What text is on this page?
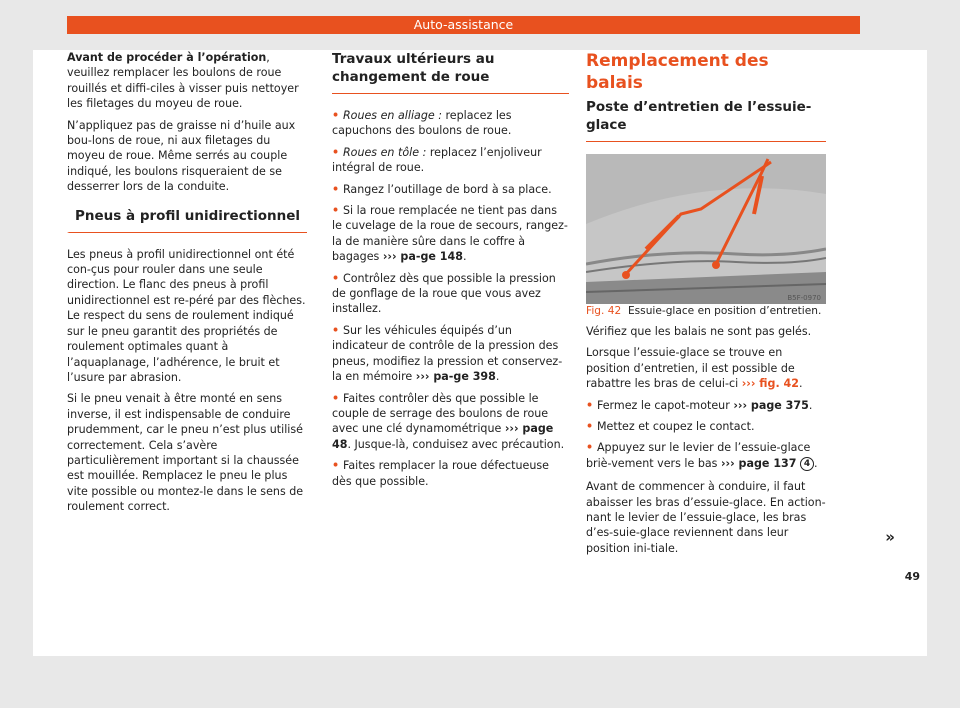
Auto-assistance

Avant de procéder à l’opération, veuillez remplacer les boulons de roue rouillés et diffi-ciles à visser puis nettoyer les filetages du moyeu de roue.

N’appliquez pas de graisse ni d’huile aux bou-lons de roue, ni aux filetages du moyeu de roue. Même serrés au couple indiqué, les boulons risqueraient de se desserrer lors de la conduite.

Pneus à profil unidirectionnel

Les pneus à profil unidirectionnel ont été con-çus pour rouler dans une seule direction. Le flanc des pneus à profil unidirectionnel est re-péré par des flèches. Le respect du sens de roulement indiqué sur le pneu garantit des propriétés de roulement optimales quant à l’aquaplanage, l’adhérence, le bruit et l’usure par abrasion.

Si le pneu venait à être monté en sens inverse, il est indispensable de conduire prudemment, car le pneu n’est plus utilisé correctement. Cela s’avère particulièrement important si la chaussée est mouillée. Remplacez le pneu le plus vite possible ou montez-le dans le sens de roulement correct.

Travaux ultérieurs au changement de roue

• Roues en alliage : replacez les capuchons des boulons de roue.

• Roues en tôle : replacez l’enjoliveur intégral de roue.

• Rangez l’outillage de bord à sa place.

• Si la roue remplacée ne tient pas dans le cuvelage de la roue de secours, rangez-la de manière sûre dans le coffre à bagages ››› pa-ge 148.

• Contrôlez dès que possible la pression de gonflage de la roue que vous avez installez.

• Sur les véhicules équipés d’un indicateur de contrôle de la pression des pneus, modifiez la pression et conservez-la en mémoire ››› pa-ge 398.

• Faites contrôler dès que possible le couple de serrage des boulons de roue avec une clé dynamométrique ››› page 48. Jusque-là, conduisez avec précaution.

• Faites remplacer la roue défectueuse dès que possible.

Remplacement des balais
Poste d’entretien de l’essuie-glace
B5F-0970

Fig. 42 Essuie-glace en position d’entretien.

Vérifiez que les balais ne sont pas gelés.

Lorsque l’essuie-glace se trouve en position d’entretien, il est possible de rabattre les bras de celui-ci ››› fig. 42.

• Fermez le capot-moteur ››› page 375.

• Mettez et coupez le contact.

• Appuyez sur le levier de l’essuie-glace briè-vement vers le bas ››› page 137 4 .

Avant de commencer à conduire, il faut abaisser les bras d’essuie-glace. En action-nant le levier de l’essuie-glace, les bras d’es-suie-glace reviennent dans leur position ini-tiale.

»
49
